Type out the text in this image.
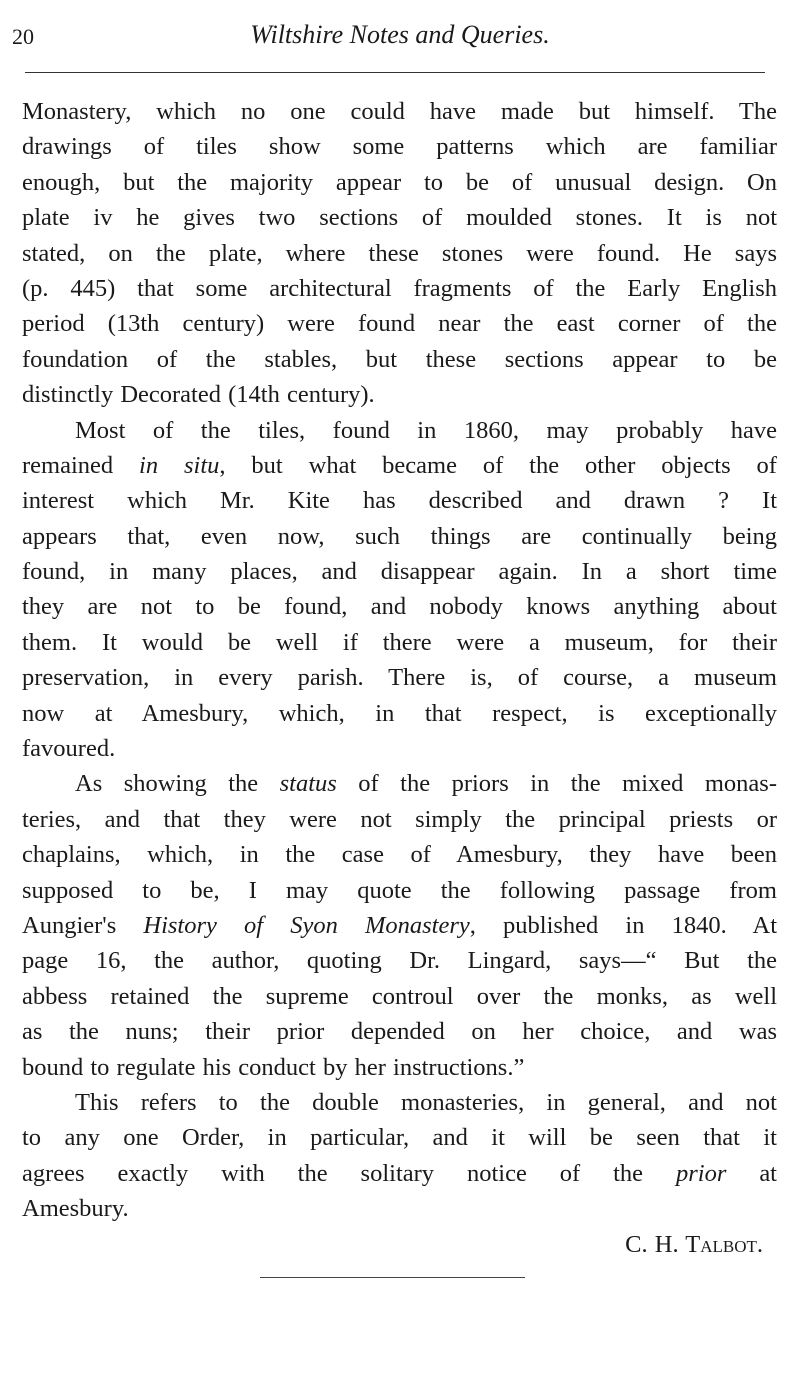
20	Wiltshire Notes and Queries.
Monastery, which no one could have made but himself. The
drawings of tiles show some patterns which are familiar
enough, but the majority appear to be of unusual design. On
plate iv he gives two sections of moulded stones. It is not
stated, on the plate, where these stones were found. He says
(p. 445) that some architectural fragments of the Early English
period (13th century) were found near the east corner of the
foundation of the stables, but these sections appear to be
distinctly Decorated (14th century).
Most of the tiles, found in 1860, may probably have
remained in situ, but what became of the other objects of
interest which Mr. Kite has described and drawn ? It
appears that, even now, such things are continually being
found, in many places, and disappear again. In a short time
they are not to be found, and nobody knows anything about
them. It would be well if there were a museum, for their
preservation, in every parish. There is, of course, a museum
now at Amesbury, which, in that respect, is exceptionally
favoured.
As showing the status of the priors in the mixed monas-
teries, and that they were not simply the principal priests or
chaplains, which, in the case of Amesbury, they have been
supposed to be, I may quote the following passage from
Aungier's History of Syon Monastery, published in 1840. At
page 16, the author, quoting Dr. Lingard, says—“ But the
abbess retained the supreme controul over the monks, as well
as the nuns; their prior depended on her choice, and was
bound to regulate his conduct by her instructions.”
This refers to the double monasteries, in general, and not
to any one Order, in particular, and it will be seen that it
agrees exactly with the solitary notice of the prior at
Amesbury.
C. H. Talbot.
